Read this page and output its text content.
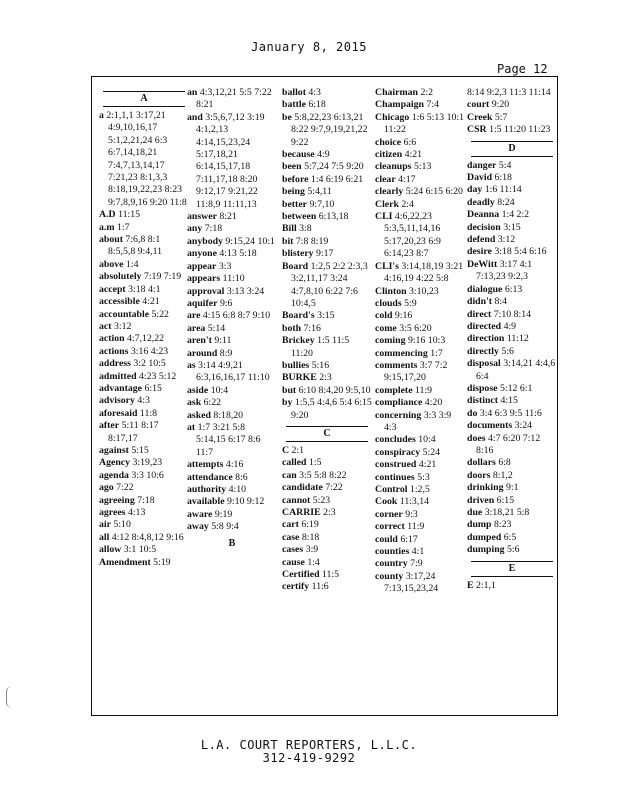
January 8, 2015
Page 12
A
a 2:1,1,1 3:17,21 4:9,10,16,17 5:1,2,21,24 6:3 6:7,14,18,21 7:4,7,13,14,17 7:21,23 8:1,3,3 8:18,19,22,23 8:23 9:7,8,9,16 9:20 11:8
A.D 11:15
a.m 1:7
about 7:6,8 8:1 8:5,5,8 9:4,11
above 1:4
absolutely 7:19 7:19
accept 3:18 4:1
accessible 4:21
accountable 5:22
act 3:12
action 4:7,12,22
actions 3:16 4:23
address 3:2 10:5
admitted 4:23 5:12
advantage 6:15
advisory 4:3
aforesaid 11:8
after 5:11 8:17 8:17,17
against 5:15
Agency 3:19,23
agenda 3:3 10:6
ago 7:22
agreeing 7:18
agrees 4:13
air 5:10
all 4:12 8:4,8,12 9:16
allow 3:1 10:5
Amendment 5:19
an 4:3,12,21 5:5 7:22 8:21
and 3:5,6,7,12 3:19 4:1,2,13 4:14,15,23,24 5:17,18,21 6:14,15,17,18 7:11,17,18 8:20 9:12,17 9:21,22 11:8,9 11:11,13
answer 8:21
any 7:18
anybody 9:15,24 10:1
anyone 4:13 5:18
appear 3:3
appears 11:10
approval 3:13 3:24
aquifer 9:6
are 4:15 6:8 8:7 9:10
area 5:14
aren't 9:11
around 8:9
as 3:14 4:9,21 6:3,16,16,17 11:10
aside 10:4
ask 6:22
asked 8:18,20
at 1:7 3:21 5:8 5:14,15 6:17 8:6 11:7
attempts 4:16
attendance 8:6
authority 4:10
available 9:10 9:12
aware 9:19
away 5:8 9:4
B
ballot 4:3
battle 6:18
be 5:8,22,23 6:13,21 8:22 9:7,9,19,21,22 9:22
because 4:9
been 5:7,24 7:5 9:20
before 1:4 6:19 6:21
being 5:4,11
better 9:7,10
between 6:13,18
Bill 3:8
bit 7:8 8:19
blistery 9:17
Board 1:2,5 2:2 2:3,3 3:2,11,17 3:24 4:7,8,10 6:22 7:6 10:4,5
Board's 3:15
both 7:16
Brickey 1:5 11:5 11:20
bullies 5:16
BURKE 2:3
but 6:10 8:4,20 9:5,10
by 1:5,5 4:4,6 5:4 6:15 9:20
C
C 2:1
called 1:5
can 3:5 5:8 8:22
candidate 7:22
cannot 5:23
CARRIE 2:3
cart 6:19
case 8:18
cases 3:9
cause 1:4
Certified 11:5
certify 11:6
Chairman 2:2
Champaign 7:4
Chicago 1:6 5:13 10:1 11:22
choice 6:6
citizen 4:21
cleanups 5:13
clear 4:17
clearly 5:24 6:15 6:20
Clerk 2:4
CLI 4:6,22,23 5:3,5,11,14,16 5:17,20,23 6:9 6:14,23 8:7
CLI's 3:14,18,19 3:21 4:16,19 4:22 5:8
Clinton 3:10,23
clouds 5:9
cold 9:16
come 3:5 6:20
coming 9:16 10:3
commencing 1:7
comments 3:7 7:2 9:15,17,20
complete 11:9
compliance 4:20
concerning 3:3 3:9 4:3
concludes 10:4
conspiracy 5:24
construed 4:21
continues 5:3
Control 1:2,5
Cook 11:3,14
corner 9:3
correct 11:9
could 6:17
counties 4:1
country 7:9
county 3:17,24 7:13,15,23,24
8:14 9:2,3 11:3 11:14
court 9:20
Creek 5:7
CSR 1:5 11:20 11:23
D
danger 5:4
David 6:18
day 1:6 11:14
deadly 8:24
Deanna 1:4 2:2
decision 3:15
defend 3:12
desire 3:18 5:4 6:16
DeWitt 3:17 4:1 7:13,23 9:2,3
dialogue 6:13
didn't 8:4
direct 7:10 8:14
directed 4:9
direction 11:12
directly 5:6
disposal 3:14,21 4:4,6 6:4
dispose 5:12 6:1
distinct 4:15
do 3:4 6:3 9:5 11:6
documents 3:24
does 4:7 6:20 7:12 8:16
dollars 6:8
doors 8:1,2
drinking 9:1
driven 6:15
due 3:18,21 5:8
dump 8:23
dumped 6:5
dumping 5:6
E
E 2:1,1
L.A. COURT REPORTERS, L.L.C.
312-419-9292
